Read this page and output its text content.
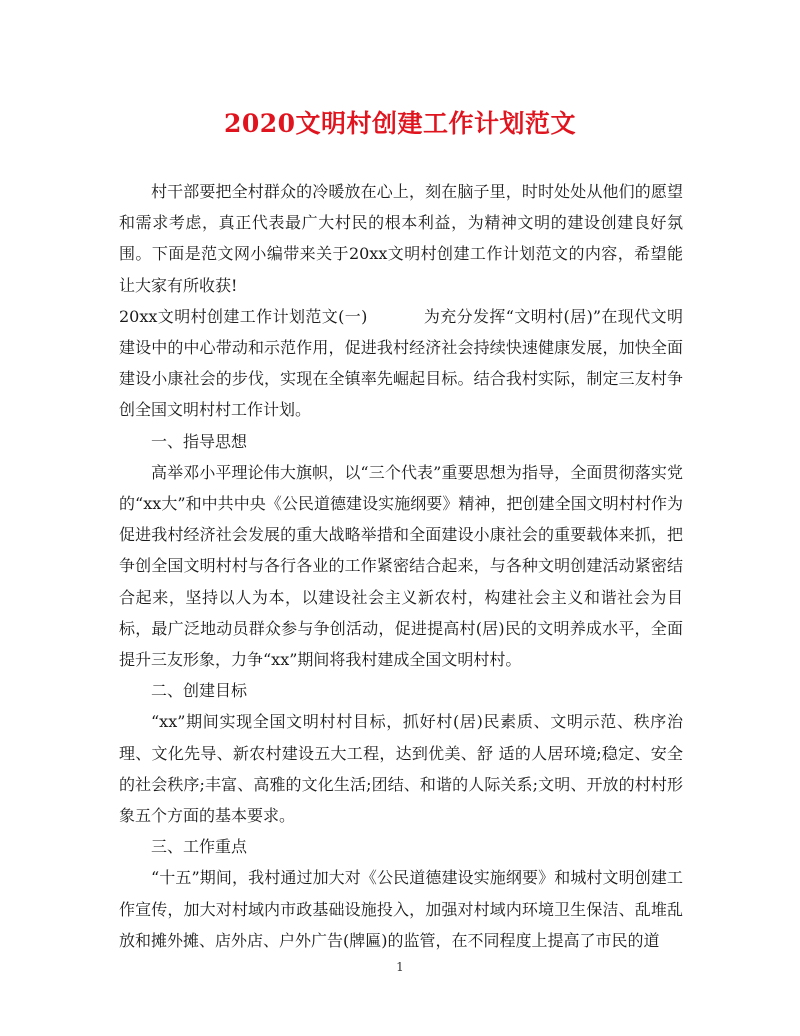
2020文明村创建工作计划范文

村干部要把全村群众的冷暖放在心上，刻在脑子里，时时处处从他们的愿望和需求考虑，真正代表最广大村民的根本利益，为精神文明的建设创建良好氛围。下面是范文网小编带来关于20xx文明村创建工作计划范文的内容，希望能让大家有所收获!

20xx文明村创建工作计划范文(一)	为充分发挥“文明村(居)”在现代文明建设中的中心带动和示范作用，促进我村经济社会持续快速健康发展，加快全面建设小康社会的步伐，实现在全镇率先崛起目标。结合我村实际，制定三友村争创全国文明村村工作计划。

一、指导思想

高举邓小平理论伟大旗帜，以“三个代表”重要思想为指导，全面贯彻落实党的“xx大”和中共中央《公民道德建设实施纲要》精神，把创建全国文明村村作为促进我村经济社会发展的重大战略举措和全面建设小康社会的重要载体来抓，把争创全国文明村村与各行各业的工作紧密结合起来，与各种文明创建活动紧密结合起来，坚持以人为本，以建设社会主义新农村，构建社会主义和谐社会为目标，最广泛地动员群众参与争创活动，促进提高村(居)民的文明养成水平，全面提升三友形象，力争“xx”期间将我村建成全国文明村村。

二、创建目标

“xx”期间实现全国文明村村目标，抓好村(居)民素质、文明示范、秩序治理、文化先导、新农村建设五大工程，达到优美、舒 适的人居环境;稳定、安全的社会秩序;丰富、高雅的文化生活;团结、和谐的人际关系;文明、开放的村村形象五个方面的基本要求。

三、工作重点

“十五”期间，我村通过加大对《公民道德建设实施纲要》和城村文明创建工作宣传，加大对村域内市政基础设施投入，加强对村域内环境卫生保洁、乱堆乱放和摊外摊、店外店、户外广告(牌匾)的监管，在不同程度上提高了市民的道

1
